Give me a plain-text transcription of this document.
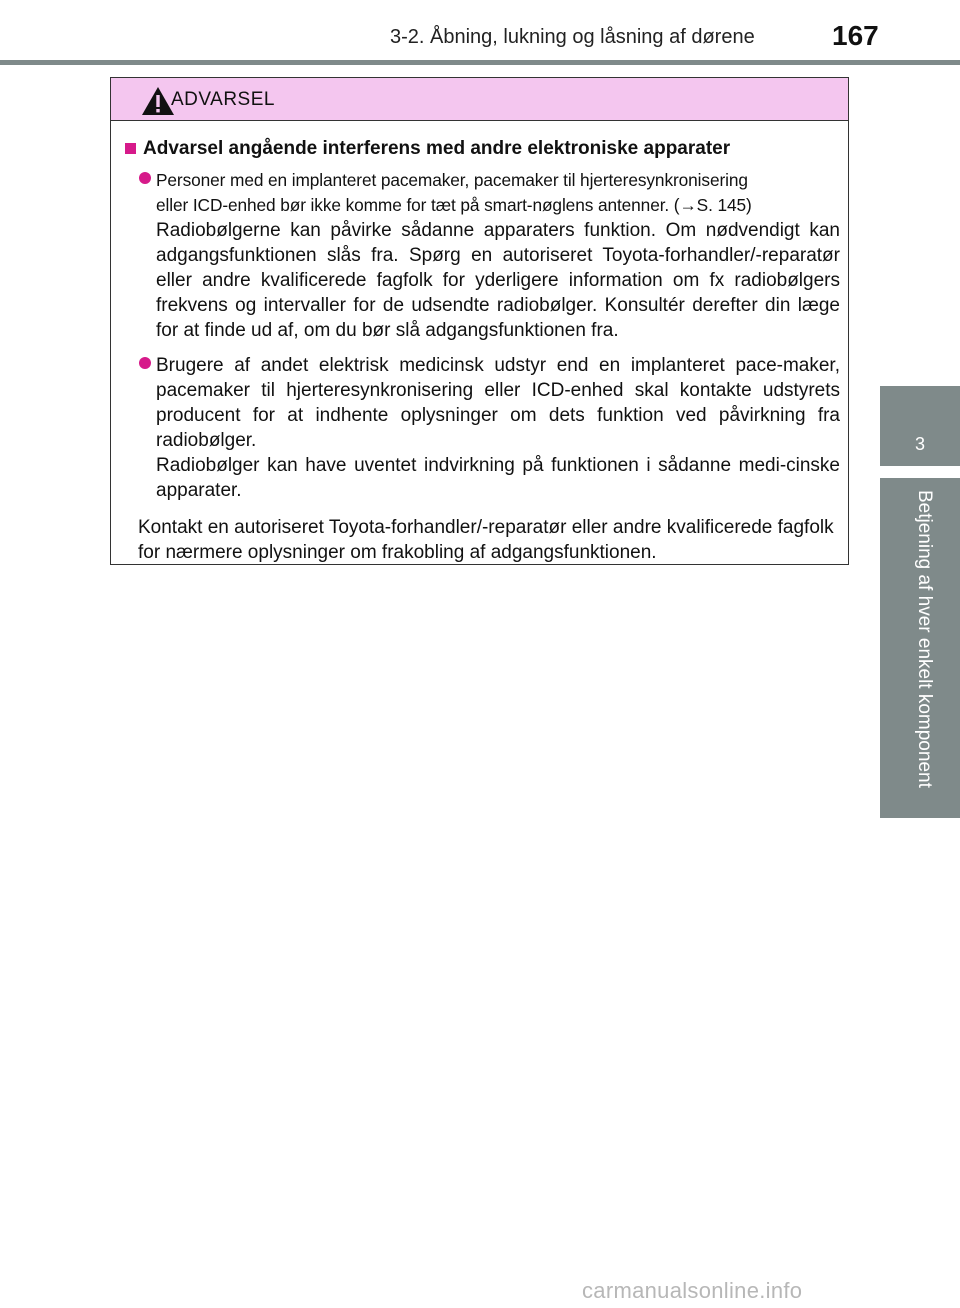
3-2. Åbning, lukning og låsning af dørene	167
3
Betjening af hver enkelt komponent
ADVARSEL
Advarsel angående interferens med andre elektroniske apparater
Personer med en implanteret pacemaker, pacemaker til hjerteresynkronisering
eller ICD-enhed bør ikke komme for tæt på smart-nøglens antenner. (→S. 145)
Radiobølgerne kan påvirke sådanne apparaters funktion. Om nødvendigt kan adgangsfunktionen slås fra. Spørg en autoriseret Toyota-forhandler/-reparatør eller andre kvalificerede fagfolk for yderligere information om fx radiobølgers frekvens og intervaller for de udsendte radiobølger. Konsultér derefter din læge for at finde ud af, om du bør slå adgangsfunktionen fra.
Brugere af andet elektrisk medicinsk udstyr end en implanteret pace-maker, pacemaker til hjerteresynkronisering eller ICD-enhed skal kontakte udstyrets producent for at indhente oplysninger om dets funktion ved påvirkning fra radiobølger.
Radiobølger kan have uventet indvirkning på funktionen i sådanne medi-cinske apparater.
Kontakt en autoriseret Toyota-forhandler/-reparatør eller andre kvalificerede fagfolk for nærmere oplysninger om frakobling af adgangsfunktionen.
carmanualsonline.info
